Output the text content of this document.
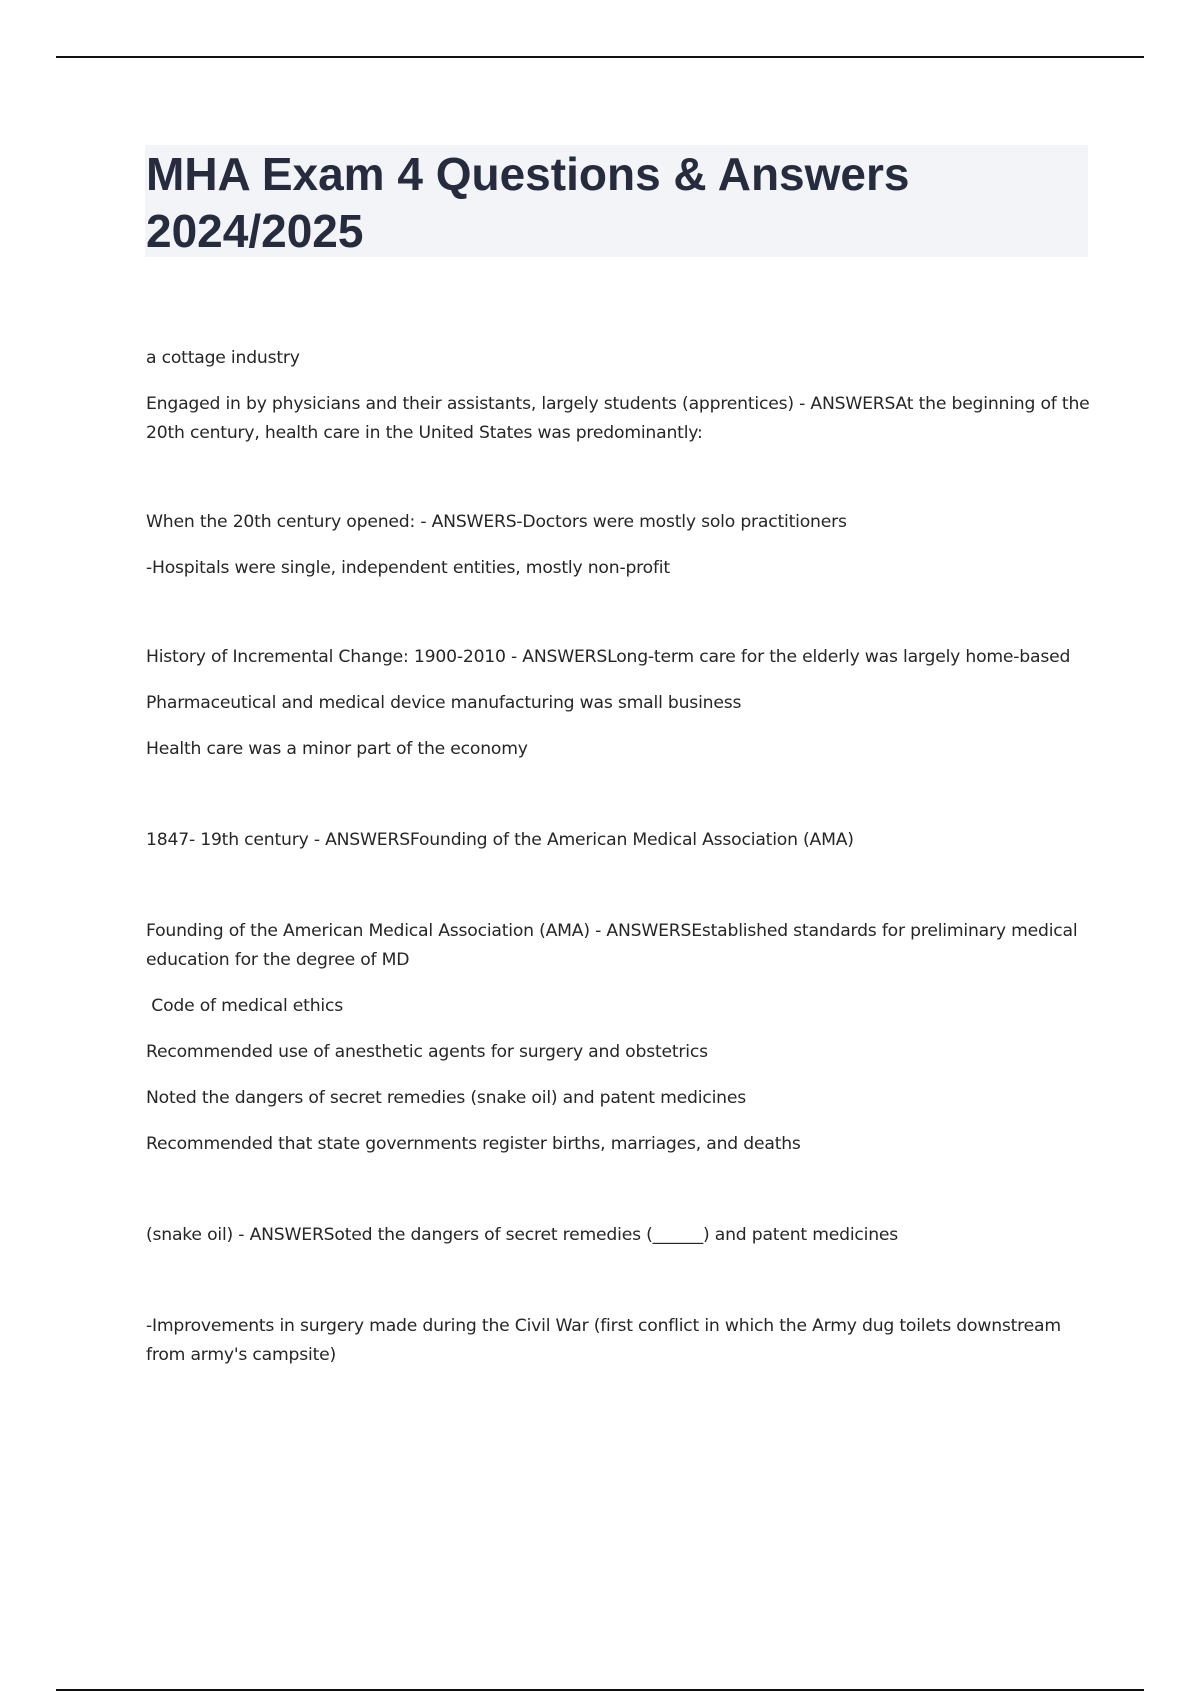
MHA Exam 4 Questions & Answers 2024/2025

a cottage industry

Engaged in by physicians and their assistants, largely students (apprentices) - ANSWERSAt the beginning of the 20th century, health care in the United States was predominantly:

When the 20th century opened: - ANSWERS-Doctors were mostly solo practitioners

-Hospitals were single, independent entities, mostly non-profit

History of Incremental Change: 1900-2010 - ANSWERSLong-term care for the elderly was largely home-based

Pharmaceutical and medical device manufacturing was small business

Health care was a minor part of the economy

1847- 19th century - ANSWERSFounding of the American Medical Association (AMA)

Founding of the American Medical Association (AMA) - ANSWERSEstablished standards for preliminary medical education for the degree of MD

Code of medical ethics

Recommended use of anesthetic agents for surgery and obstetrics

Noted the dangers of secret remedies (snake oil) and patent medicines

Recommended that state governments register births, marriages, and deaths

(snake oil) - ANSWERSoted the dangers of secret remedies (______) and patent medicines

-Improvements in surgery made during the Civil War (first conflict in which the Army dug toilets downstream from army's campsite)
